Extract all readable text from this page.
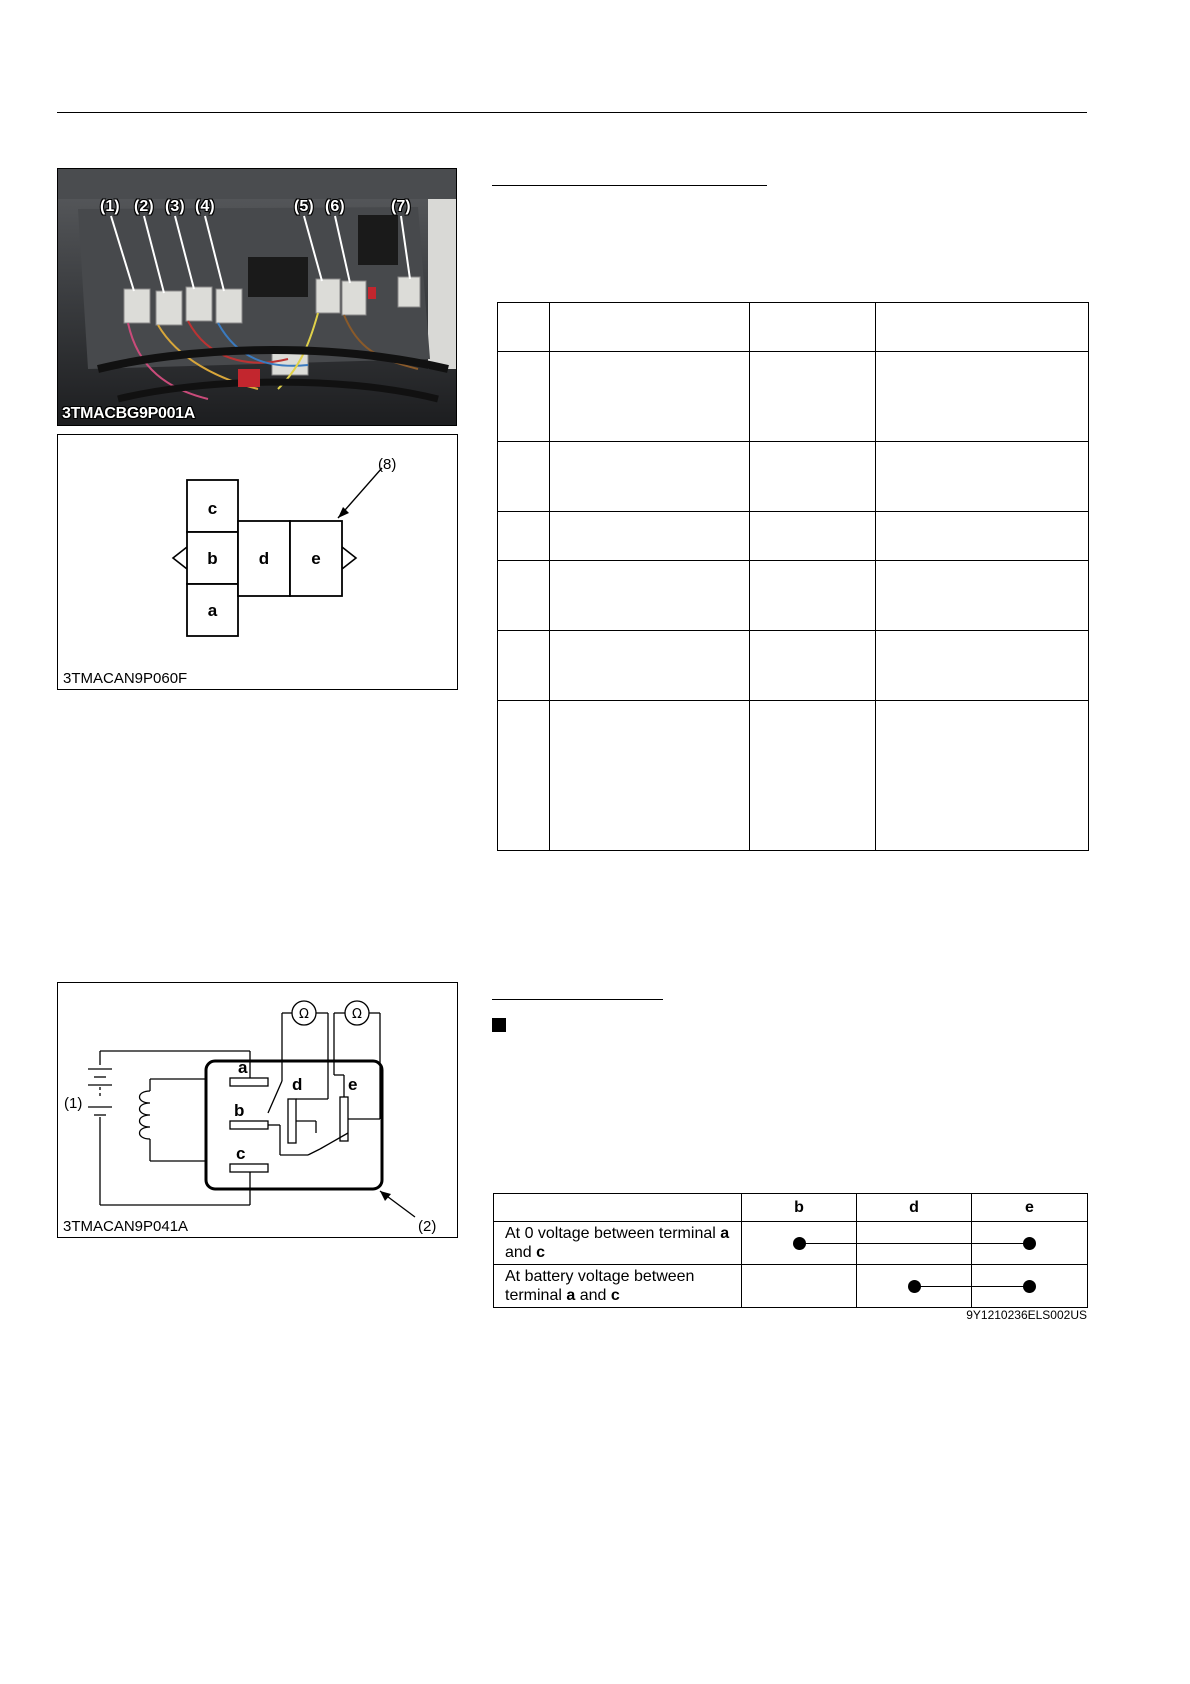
(1) (2) (3) (4)	(5) (6)	(7)
3TMACBG9P001A
c
b
a
d e
(8)
3TMACAN9P060F

Ω	Ω
a
b
c
d	e
(1)
(2)
3TMACAN9P041A
	b	d	e
At 0 voltage between terminal a and c	

At battery voltage between terminal a and c		

9Y1210236ELS002US
